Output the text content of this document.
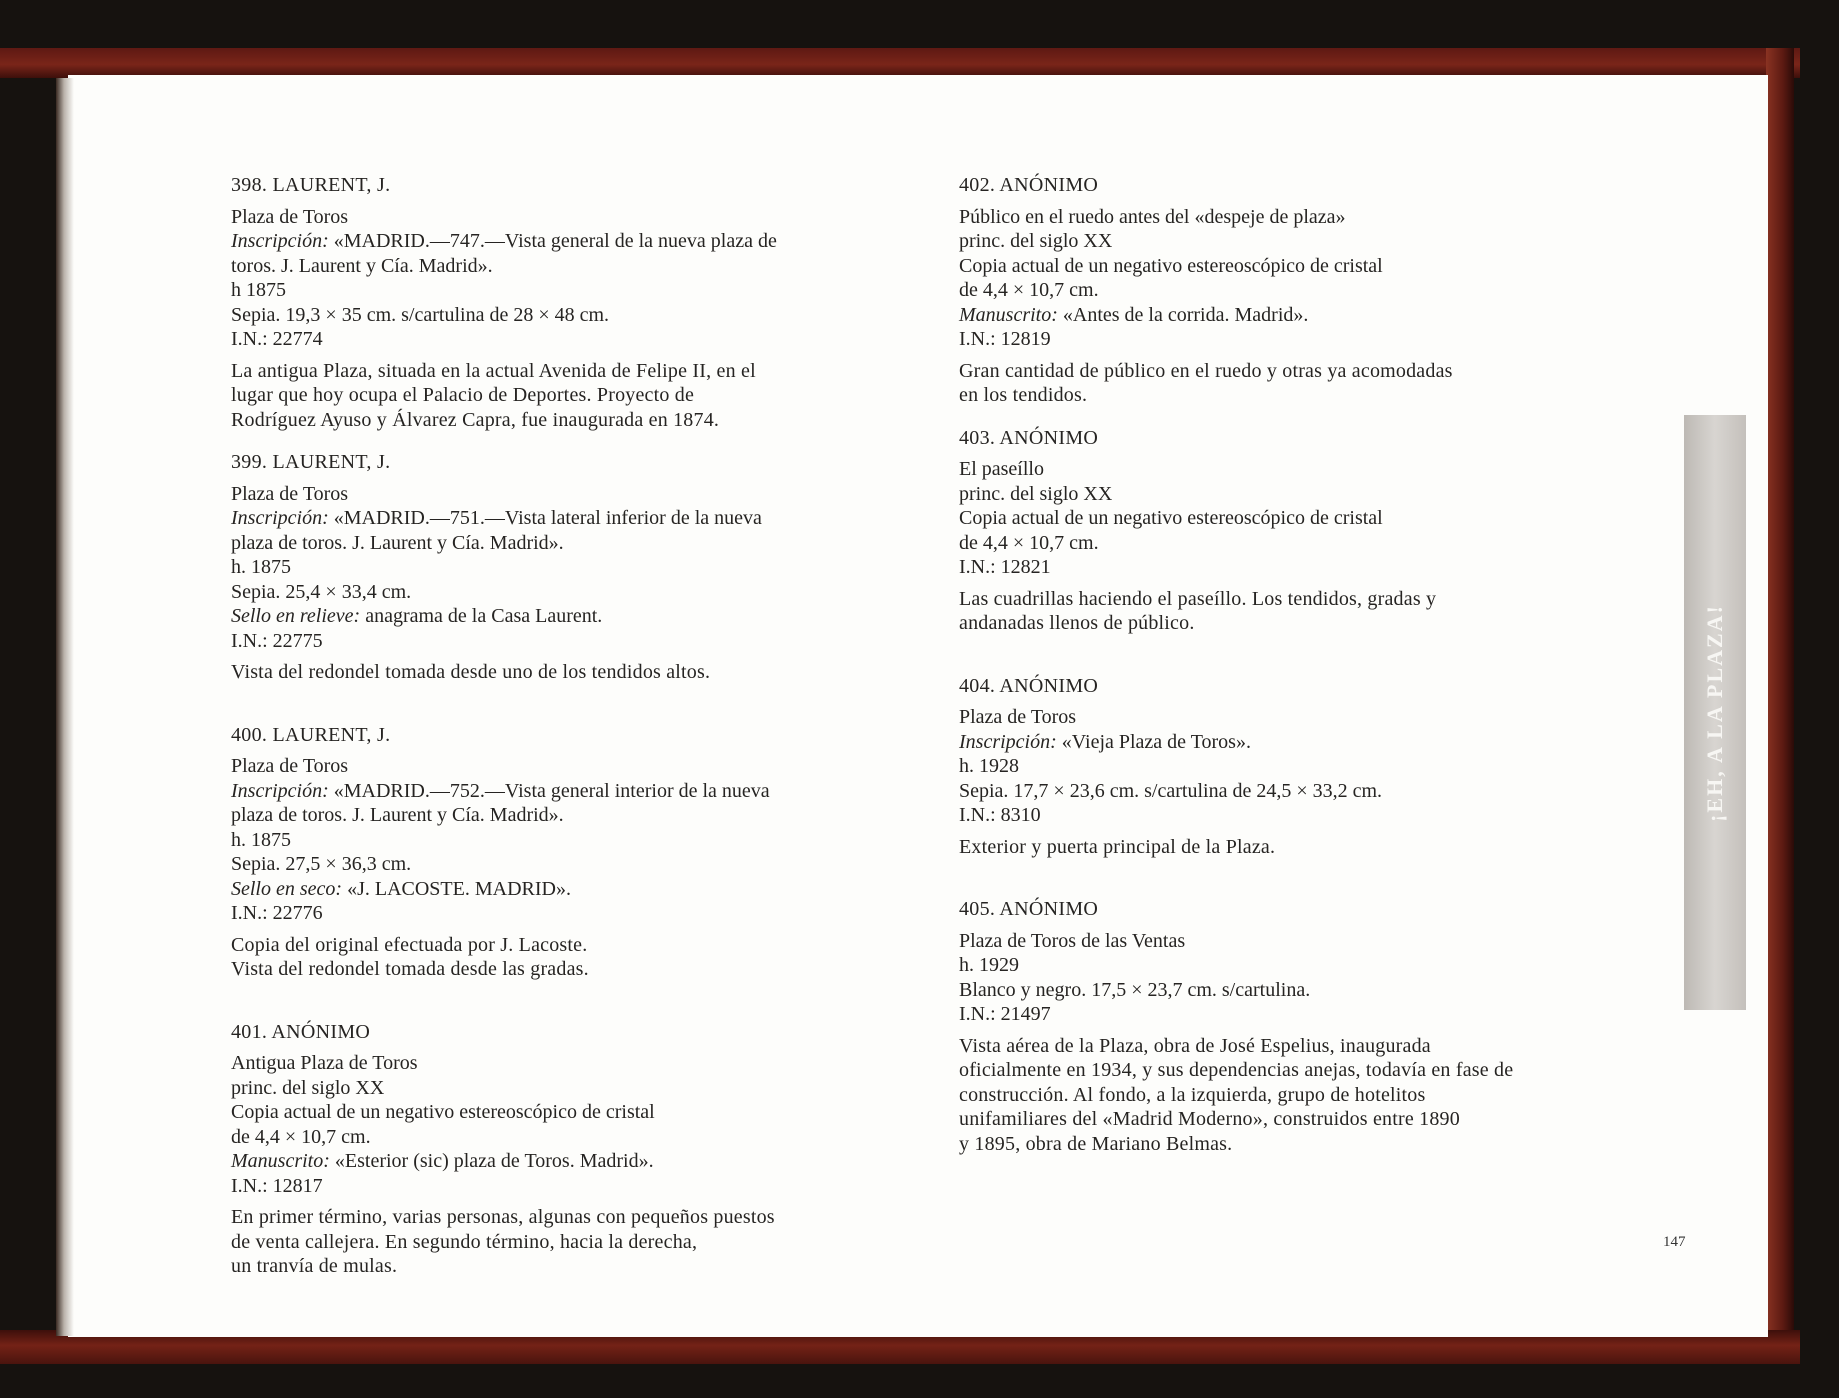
398. LAURENT, J.

Plaza de Toros

Inscripción: «MADRID.—747.—Vista general de la nueva plaza de

toros. J. Laurent y Cía. Madrid».

h 1875

Sepia. 19,3 × 35 cm. s/cartulina de 28 × 48 cm.

I.N.: 22774

La antigua Plaza, situada en la actual Avenida de Felipe II, en el

lugar que hoy ocupa el Palacio de Deportes. Proyecto de

Rodríguez Ayuso y Álvarez Capra, fue inaugurada en 1874.

399. LAURENT, J.

Plaza de Toros

Inscripción: «MADRID.—751.—Vista lateral inferior de la nueva

plaza de toros. J. Laurent y Cía. Madrid».

h. 1875

Sepia. 25,4 × 33,4 cm.

Sello en relieve: anagrama de la Casa Laurent.

I.N.: 22775

Vista del redondel tomada desde uno de los tendidos altos.

400. LAURENT, J.

Plaza de Toros

Inscripción: «MADRID.—752.—Vista general interior de la nueva

plaza de toros. J. Laurent y Cía. Madrid».

h. 1875

Sepia. 27,5 × 36,3 cm.

Sello en seco: «J. LACOSTE. MADRID».

I.N.: 22776

Copia del original efectuada por J. Lacoste.

Vista del redondel tomada desde las gradas.

401. ANÓNIMO

Antigua Plaza de Toros

princ. del siglo XX

Copia actual de un negativo estereoscópico de cristal

de 4,4 × 10,7 cm.

Manuscrito: «Esterior (sic) plaza de Toros. Madrid».

I.N.: 12817

En primer término, varias personas, algunas con pequeños puestos

de venta callejera. En segundo término, hacia la derecha,

un tranvía de mulas.

402. ANÓNIMO

Público en el ruedo antes del «despeje de plaza»

princ. del siglo XX

Copia actual de un negativo estereoscópico de cristal

de 4,4 × 10,7 cm.

Manuscrito: «Antes de la corrida. Madrid».

I.N.: 12819

Gran cantidad de público en el ruedo y otras ya acomodadas

en los tendidos.

403. ANÓNIMO

El paseíllo

princ. del siglo XX

Copia actual de un negativo estereoscópico de cristal

de 4,4 × 10,7 cm.

I.N.: 12821

Las cuadrillas haciendo el paseíllo. Los tendidos, gradas y

andanadas llenos de público.

404. ANÓNIMO

Plaza de Toros

Inscripción: «Vieja Plaza de Toros».

h. 1928

Sepia. 17,7 × 23,6 cm. s/cartulina de 24,5 × 33,2 cm.

I.N.: 8310

Exterior y puerta principal de la Plaza.

405. ANÓNIMO

Plaza de Toros de las Ventas

h. 1929

Blanco y negro. 17,5 × 23,7 cm. s/cartulina.

I.N.: 21497

Vista aérea de la Plaza, obra de José Espelius, inaugurada

oficialmente en 1934, y sus dependencias anejas, todavía en fase de

construcción. Al fondo, a la izquierda, grupo de hotelitos

unifamiliares del «Madrid Moderno», construidos entre 1890

y 1895, obra de Mariano Belmas.

¡EH, A LA PLAZA!
147
